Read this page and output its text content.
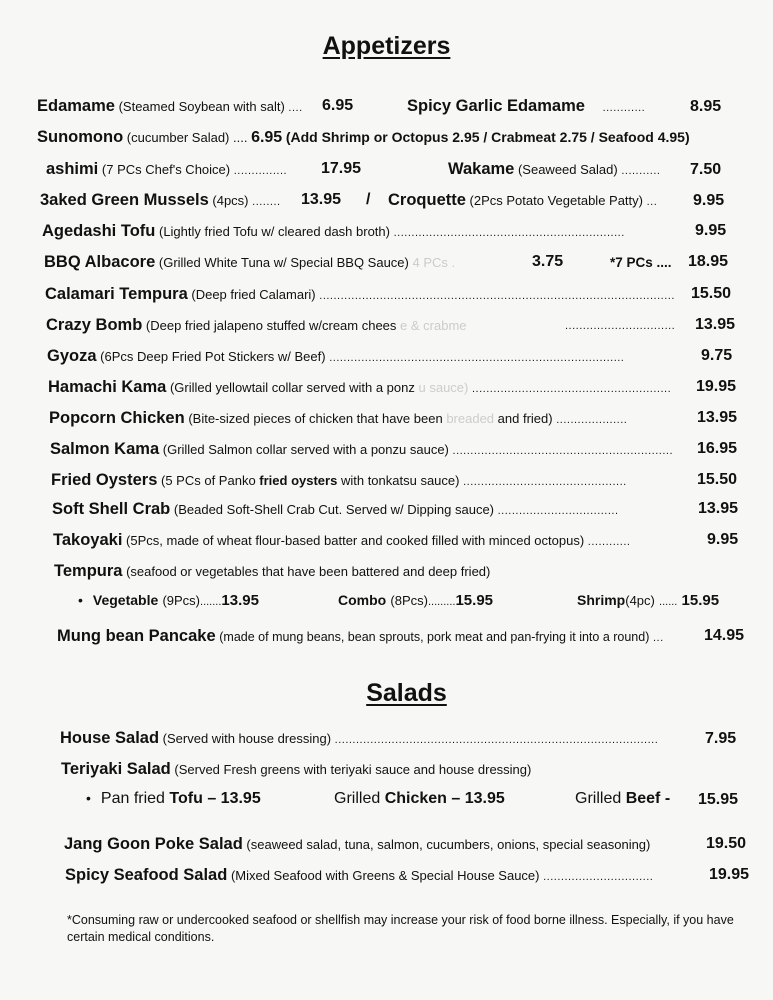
Appetizers
Edamame (Steamed Soybean with salt) .... 6.95	Spicy Garlic Edamame ............	8.95
Sunomono (cucumber Salad) .... 6.95 (Add Shrimp or Octopus 2.95 / Crabmeat 2.75 / Seafood 4.95)
ashimi (7 PCs Chef's Choice) ............... 17.95	Wakame (Seaweed Salad) ........... 7.50
3aked Green Mussels (4pcs) ........ 13.95 / Croquette (2Pcs Potato Vegetable Patty) ... 9.95
Agedashi Tofu (Lightly fried Tofu w/ cleared dash broth) .................................................................	9.95
BBQ Albacore (Grilled White Tuna w/ Special BBQ Sauce) 4 PCs .	3.75	*7 PCs .... 18.95
Calamari Tempura (Deep fried Calamari) .................................................................................................... 15.50
Crazy Bomb (Deep fried jalapeno stuffed w/cream chees e & crabme	............................... 13.95
Gyoza (6Pcs Deep Fried Pot Stickers w/ Beef) ...................................................................................	9.75
Hamachi Kama (Grilled yellowtail collar served with a ponz u sauce) ........................................................ 19.95
Popcorn Chicken (Bite-sized pieces of chicken that have been breaded and fried) ....................	13.95
Salmon Kama (Grilled Salmon collar served with a ponzu sauce) .............................................................. 16.95
Fried Oysters (5 PCs of Panko fried oysters with tonkatsu sauce) ..............................................	15.50
Soft Shell Crab (Beaded Soft-Shell Crab Cut. Served w/ Dipping sauce) ..................................	13.95
Takoyaki (5Pcs, made of wheat flour-based batter and cooked filled with minced octopus) ............	9.95
Tempura (seafood or vegetables that have been battered and deep fried)
• Vegetable (9Pcs).......13.95	Combo (8Pcs).........15.95	Shrimp(4pc) ...... 15.95
Mung bean Pancake (made of mung beans, bean sprouts, pork meat and pan-frying it into a round) ...	14.95
Salads
House Salad (Served with house dressing) ...........................................................................................	7.95
Teriyaki Salad (Served Fresh greens with teriyaki sauce and house dressing)
• Pan fried Tofu – 13.95	Grilled Chicken – 13.95	Grilled Beef - 15.95
Jang Goon Poke Salad (seaweed salad, tuna, salmon, cucumbers, onions, special seasoning)	19.50
Spicy Seafood Salad (Mixed Seafood with Greens & Special House Sauce) ...............................	19.95
*Consuming raw or undercooked seafood or shellfish may increase your risk of food borne illness. Especially, if you have certain medical conditions.
